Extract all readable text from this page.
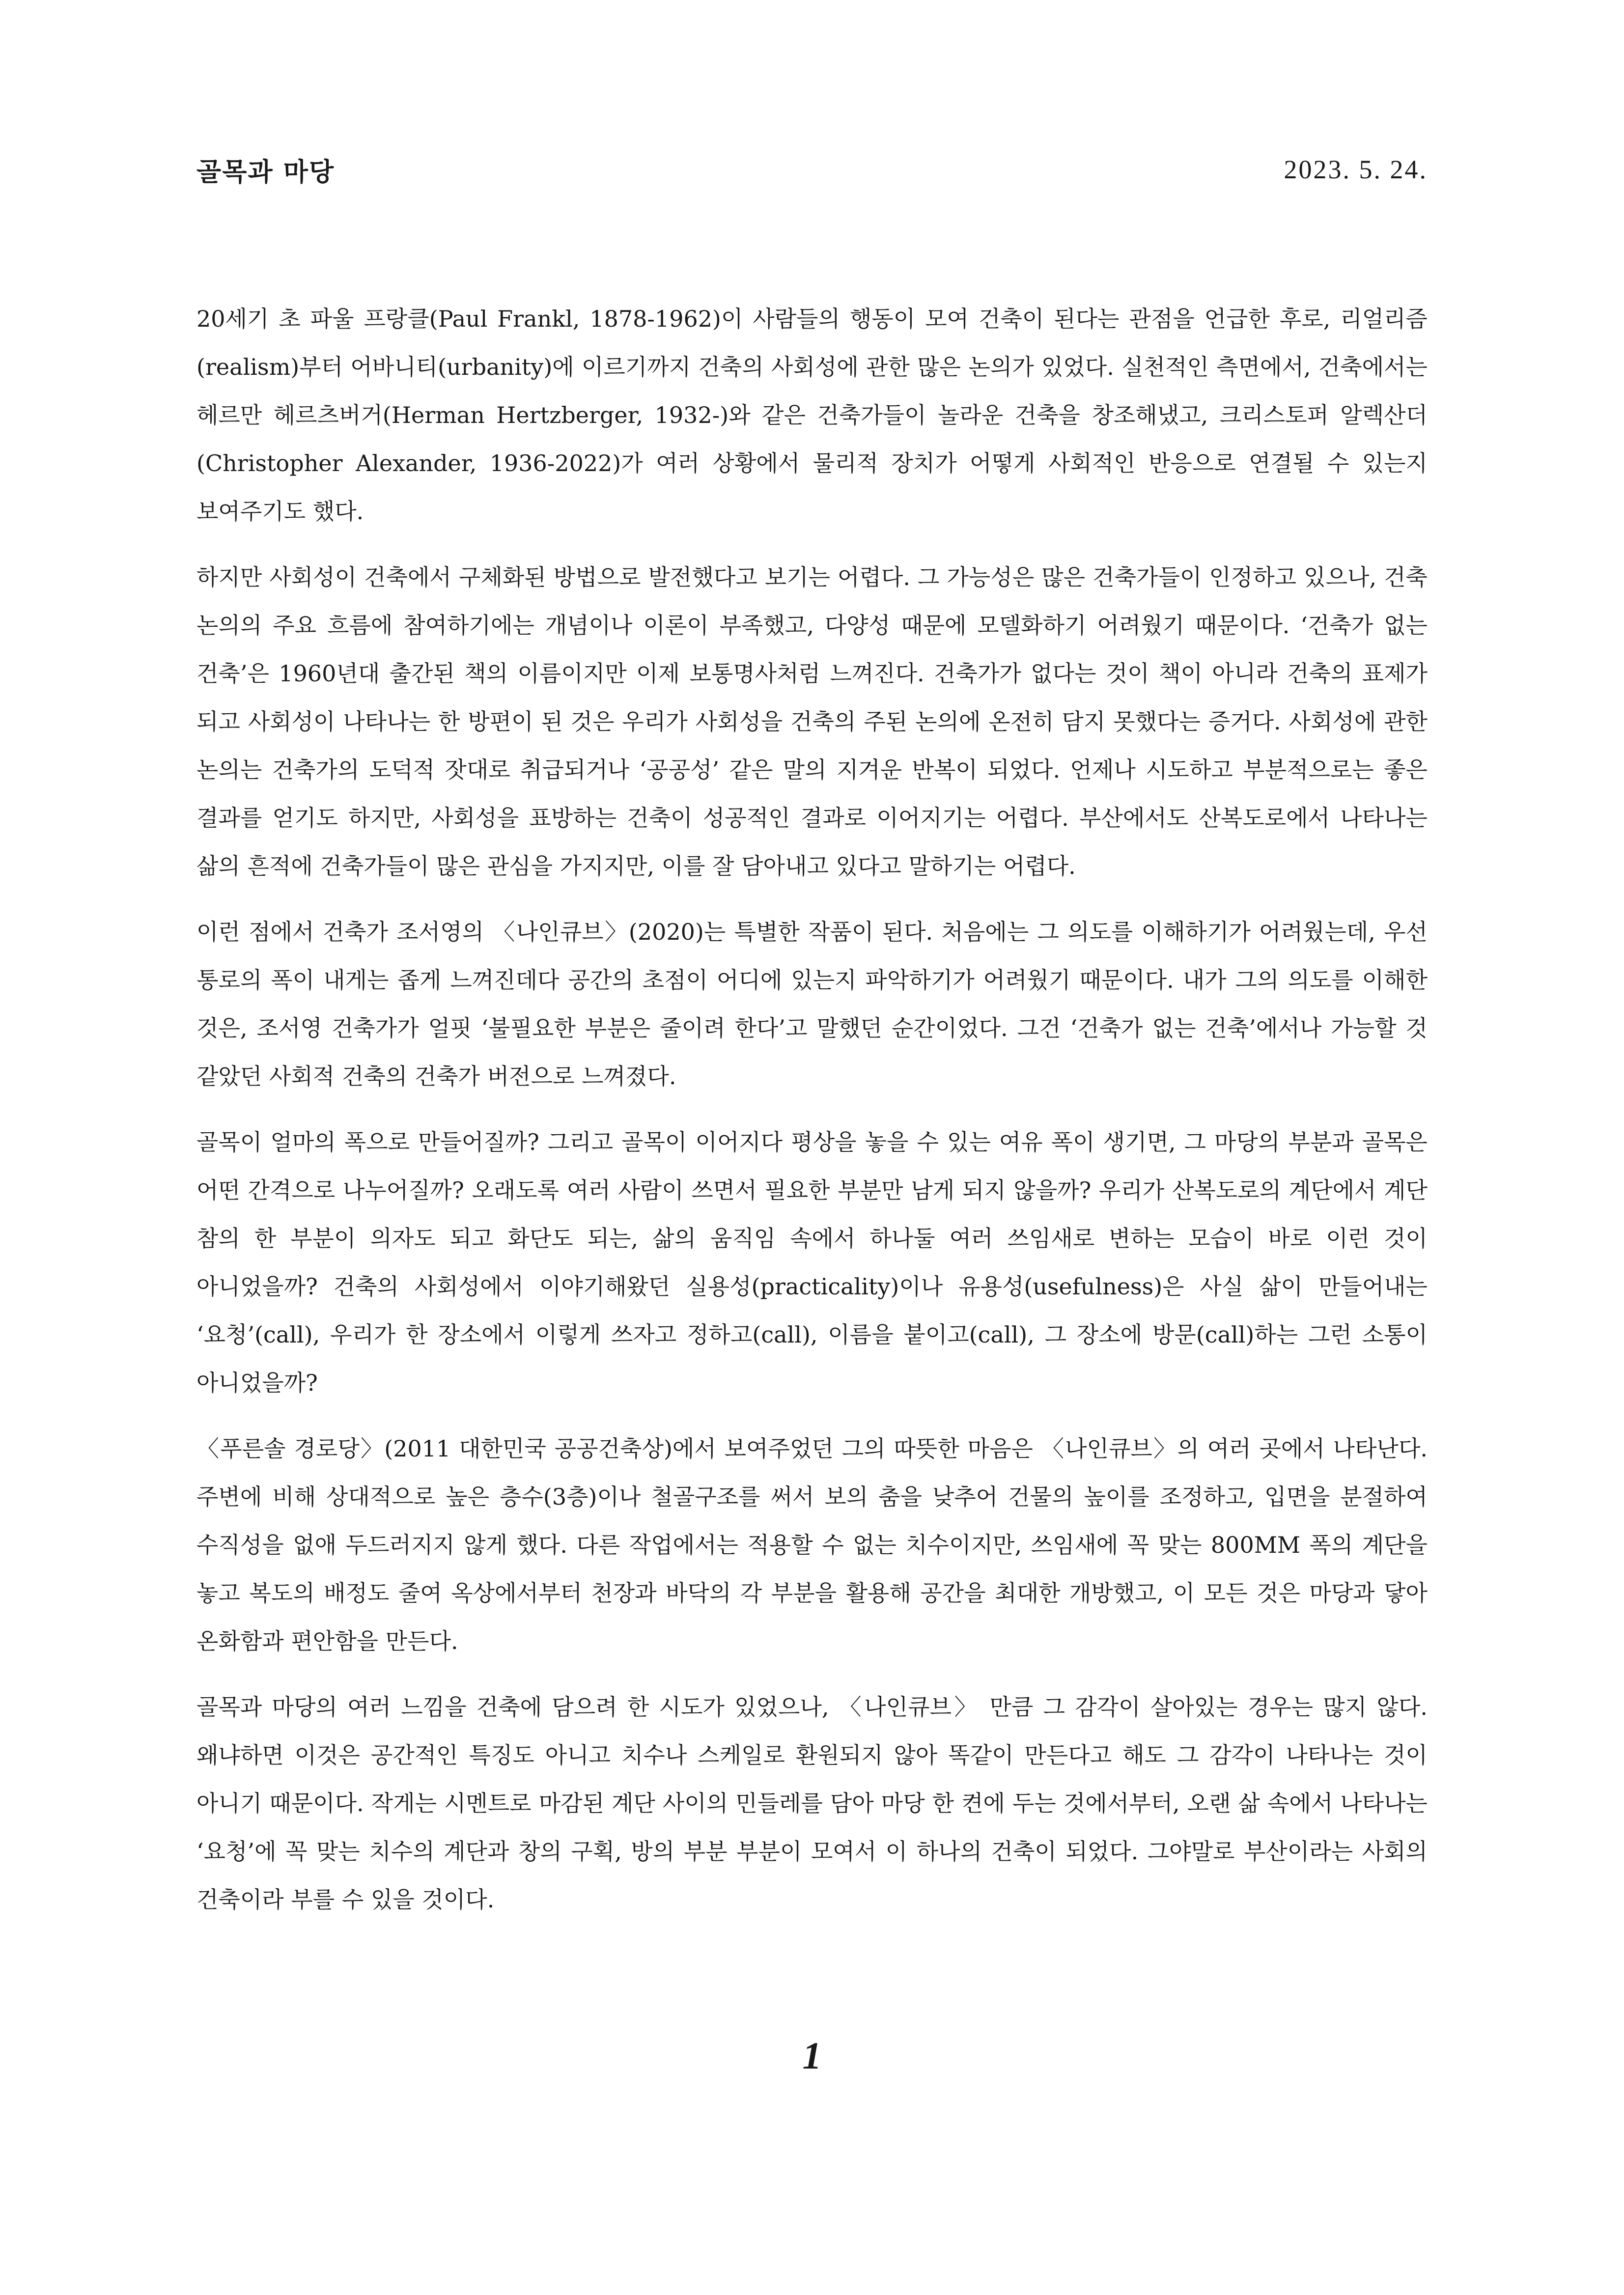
골목과 마당	2023. 5. 24.

20세기 초 파울 프랑클(Paul Frankl, 1878-1962)이 사람들의 행동이 모여 건축이 된다는 관점을 언급한 후로, 리얼리즘(realism)부터 어바니티(urbanity)에 이르기까지 건축의 사회성에 관한 많은 논의가 있었다. 실천적인 측면에서, 건축에서는 헤르만 헤르츠버거(Herman Hertzberger, 1932-)와 같은 건축가들이 놀라운 건축을 창조해냈고, 크리스토퍼 알렉산더(Christopher Alexander, 1936-2022)가 여러 상황에서 물리적 장치가 어떻게 사회적인 반응으로 연결될 수 있는지 보여주기도 했다.

하지만 사회성이 건축에서 구체화된 방법으로 발전했다고 보기는 어렵다. 그 가능성은 많은 건축가들이 인정하고 있으나, 건축 논의의 주요 흐름에 참여하기에는 개념이나 이론이 부족했고, 다양성 때문에 모델화하기 어려웠기 때문이다. ‘건축가 없는 건축’은 1960년대 출간된 책의 이름이지만 이제 보통명사처럼 느껴진다. 건축가가 없다는 것이 책이 아니라 건축의 표제가 되고 사회성이 나타나는 한 방편이 된 것은 우리가 사회성을 건축의 주된 논의에 온전히 담지 못했다는 증거다. 사회성에 관한 논의는 건축가의 도덕적 잣대로 취급되거나 ‘공공성’ 같은 말의 지겨운 반복이 되었다. 언제나 시도하고 부분적으로는 좋은 결과를 얻기도 하지만, 사회성을 표방하는 건축이 성공적인 결과로 이어지기는 어렵다. 부산에서도 산복도로에서 나타나는 삶의 흔적에 건축가들이 많은 관심을 가지지만, 이를 잘 담아내고 있다고 말하기는 어렵다.

이런 점에서 건축가 조서영의 〈나인큐브〉(2020)는 특별한 작품이 된다. 처음에는 그 의도를 이해하기가 어려웠는데, 우선 통로의 폭이 내게는 좁게 느껴진데다 공간의 초점이 어디에 있는지 파악하기가 어려웠기 때문이다. 내가 그의 의도를 이해한 것은, 조서영 건축가가 얼핏 ‘불필요한 부분은 줄이려 한다’고 말했던 순간이었다. 그건 ‘건축가 없는 건축’에서나 가능할 것 같았던 사회적 건축의 건축가 버전으로 느껴졌다.

골목이 얼마의 폭으로 만들어질까? 그리고 골목이 이어지다 평상을 놓을 수 있는 여유 폭이 생기면, 그 마당의 부분과 골목은 어떤 간격으로 나누어질까? 오래도록 여러 사람이 쓰면서 필요한 부분만 남게 되지 않을까? 우리가 산복도로의 계단에서 계단 참의 한 부분이 의자도 되고 화단도 되는, 삶의 움직임 속에서 하나둘 여러 쓰임새로 변하는 모습이 바로 이런 것이 아니었을까? 건축의 사회성에서 이야기해왔던 실용성(practicality)이나 유용성(usefulness)은 사실 삶이 만들어내는 ‘요청’(call), 우리가 한 장소에서 이렇게 쓰자고 정하고(call), 이름을 붙이고(call), 그 장소에 방문(call)하는 그런 소통이 아니었을까?

〈푸른솔 경로당〉(2011 대한민국 공공건축상)에서 보여주었던 그의 따뜻한 마음은 〈나인큐브〉의 여러 곳에서 나타난다. 주변에 비해 상대적으로 높은 층수(3층)이나 철골구조를 써서 보의 춤을 낮추어 건물의 높이를 조정하고, 입면을 분절하여 수직성을 없애 두드러지지 않게 했다. 다른 작업에서는 적용할 수 없는 치수이지만, 쓰임새에 꼭 맞는 800MM 폭의 계단을 놓고 복도의 배정도 줄여 옥상에서부터 천장과 바닥의 각 부분을 활용해 공간을 최대한 개방했고, 이 모든 것은 마당과 닿아 온화함과 편안함을 만든다.

골목과 마당의 여러 느낌을 건축에 담으려 한 시도가 있었으나, 〈나인큐브〉 만큼 그 감각이 살아있는 경우는 많지 않다. 왜냐하면 이것은 공간적인 특징도 아니고 치수나 스케일로 환원되지 않아 똑같이 만든다고 해도 그 감각이 나타나는 것이 아니기 때문이다. 작게는 시멘트로 마감된 계단 사이의 민들레를 담아 마당 한 켠에 두는 것에서부터, 오랜 삶 속에서 나타나는 ‘요청’에 꼭 맞는 치수의 계단과 창의 구획, 방의 부분 부분이 모여서 이 하나의 건축이 되었다. 그야말로 부산이라는 사회의 건축이라 부를 수 있을 것이다.

1
